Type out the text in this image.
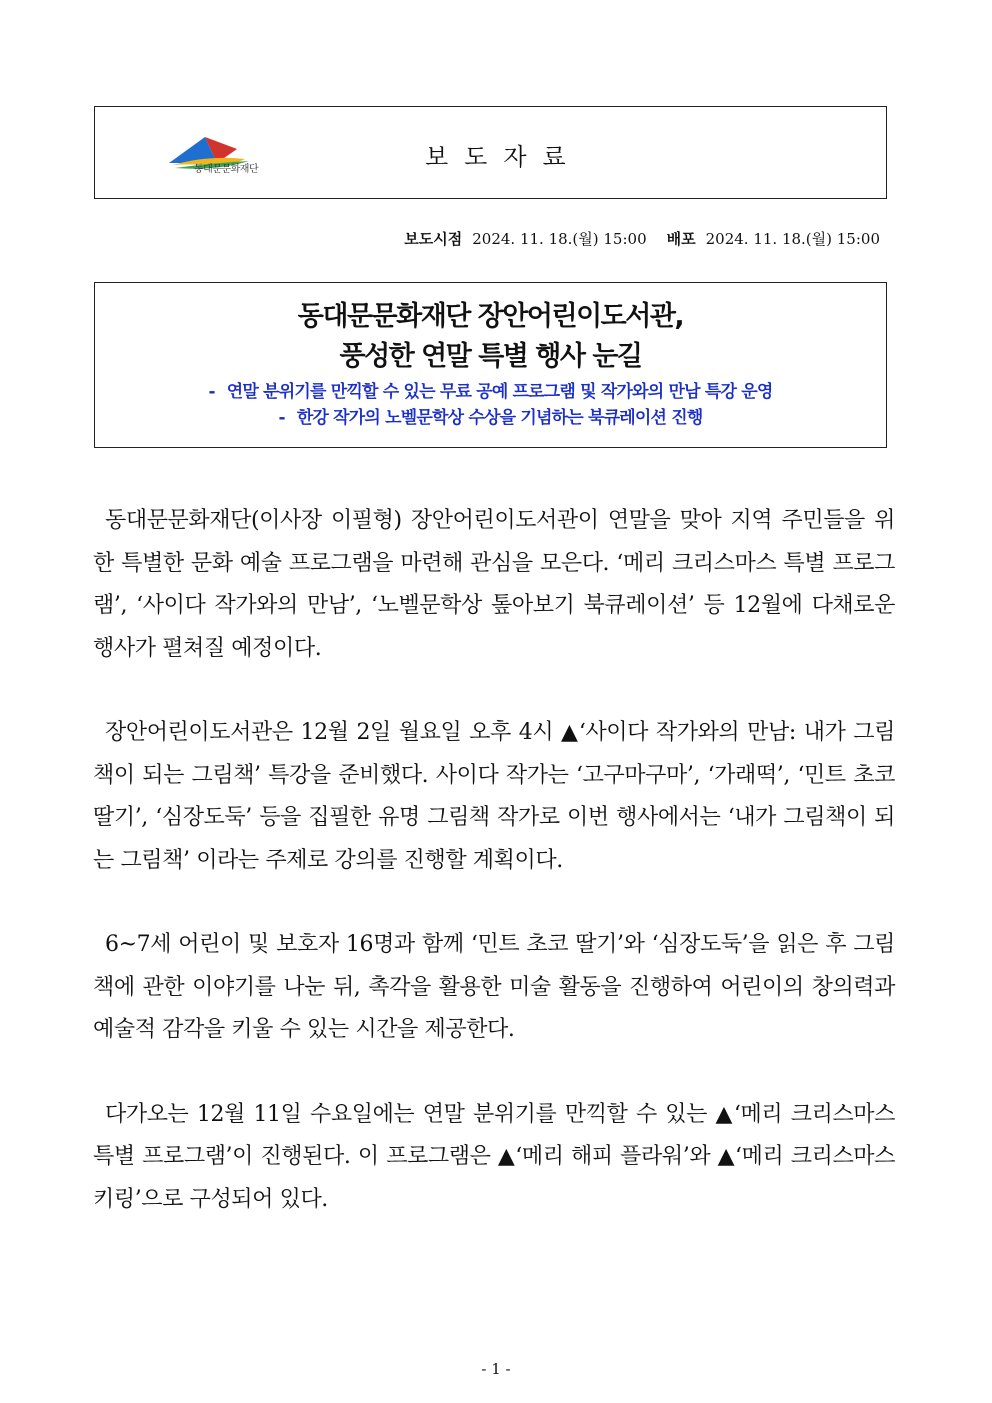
동대문문화재단	보도자료
보도시점 2024. 11. 18.(월) 15:00 배포 2024. 11. 18.(월) 15:00
동대문문화재단 장안어린이도서관,
풍성한 연말 특별 행사 눈길
- 연말 분위기를 만끽할 수 있는 무료 공예 프로그램 및 작가와의 만남 특강 운영
- 한강 작가의 노벨문학상 수상을 기념하는 북큐레이션 진행

동대문문화재단(이사장 이필형) 장안어린이도서관이 연말을 맞아 지역 주민들을 위한 특별한 문화 예술 프로그램을 마련해 관심을 모은다. ‘메리 크리스마스 특별 프로그램’, ‘사이다 작가와의 만남’, ‘노벨문학상 톺아보기 북큐레이션’ 등 12월에 다채로운 행사가 펼쳐질 예정이다.

장안어린이도서관은 12월 2일 월요일 오후 4시 ▲‘사이다 작가와의 만남: 내가 그림책이 되는 그림책’ 특강을 준비했다. 사이다 작가는 ‘고구마구마’, ‘가래떡’, ‘민트 초코 딸기’, ‘심장도둑’ 등을 집필한 유명 그림책 작가로 이번 행사에서는 ‘내가 그림책이 되는 그림책’ 이라는 주제로 강의를 진행할 계획이다.

6~7세 어린이 및 보호자 16명과 함께 ‘민트 초코 딸기’와 ‘심장도둑’을 읽은 후 그림책에 관한 이야기를 나눈 뒤, 촉각을 활용한 미술 활동을 진행하여 어린이의 창의력과 예술적 감각을 키울 수 있는 시간을 제공한다.

다가오는 12월 11일 수요일에는 연말 분위기를 만끽할 수 있는 ▲‘메리 크리스마스 특별 프로그램’이 진행된다. 이 프로그램은 ▲‘메리 해피 플라워’와 ▲‘메리 크리스마스 키링’으로 구성되어 있다.

- 1 -
